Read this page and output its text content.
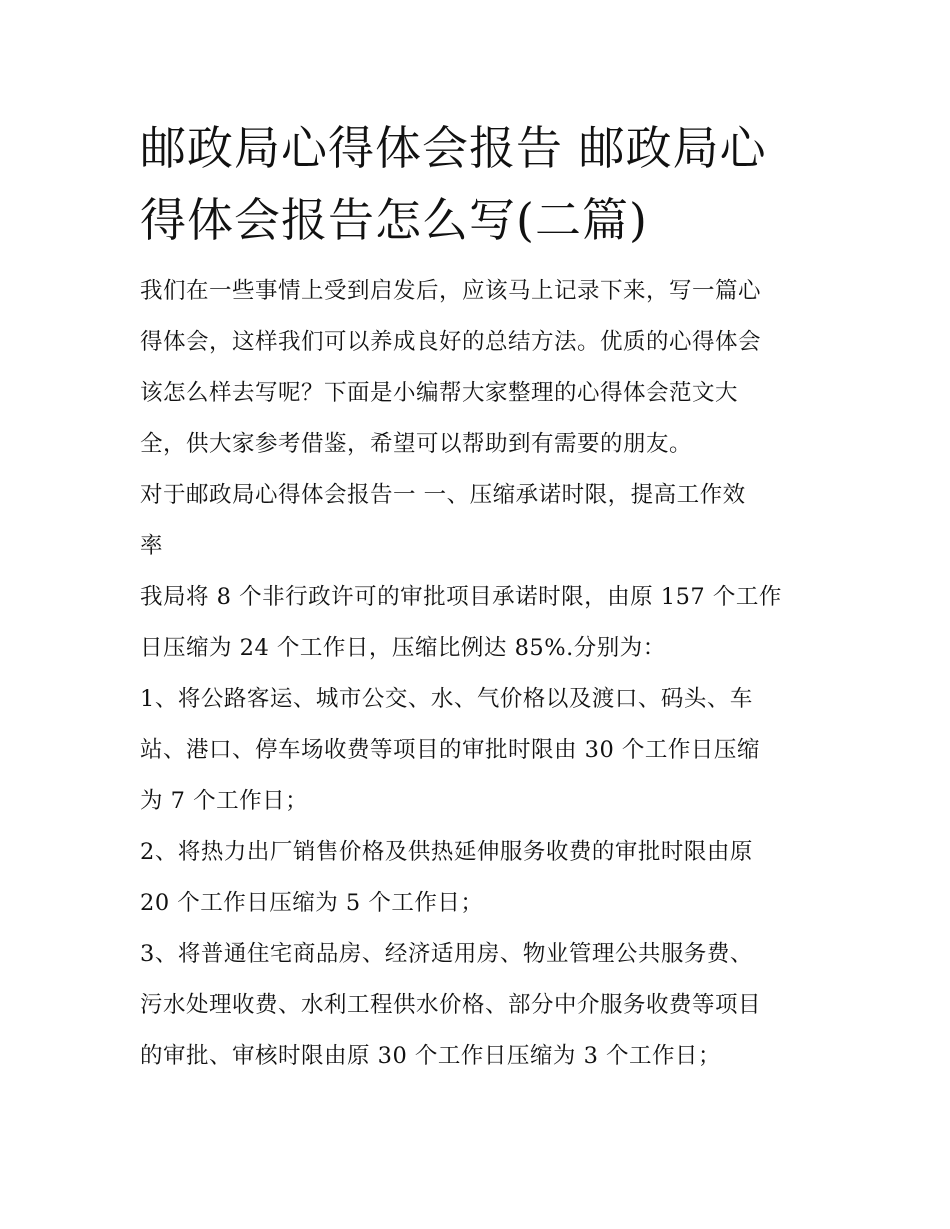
邮政局心得体会报告 邮政局心
得体会报告怎么写(二篇)

我们在一些事情上受到启发后，应该马上记录下来，写一篇心
得体会，这样我们可以养成良好的总结方法。优质的心得体会
该怎么样去写呢？下面是小编帮大家整理的心得体会范文大
全，供大家参考借鉴，希望可以帮助到有需要的朋友。

对于邮政局心得体会报告一 一、压缩承诺时限，提高工作效
率

我局将 8 个非行政许可的审批项目承诺时限，由原 157 个工作
日压缩为 24 个工作日，压缩比例达 85%.分别为：

1、将公路客运、城市公交、水、气价格以及渡口、码头、车
站、港口、停车场收费等项目的审批时限由 30 个工作日压缩
为 7 个工作日；

2、将热力出厂销售价格及供热延伸服务收费的审批时限由原
20 个工作日压缩为 5 个工作日；

3、将普通住宅商品房、经济适用房、物业管理公共服务费、
污水处理收费、水利工程供水价格、部分中介服务收费等项目
的审批、审核时限由原 30 个工作日压缩为 3 个工作日；
